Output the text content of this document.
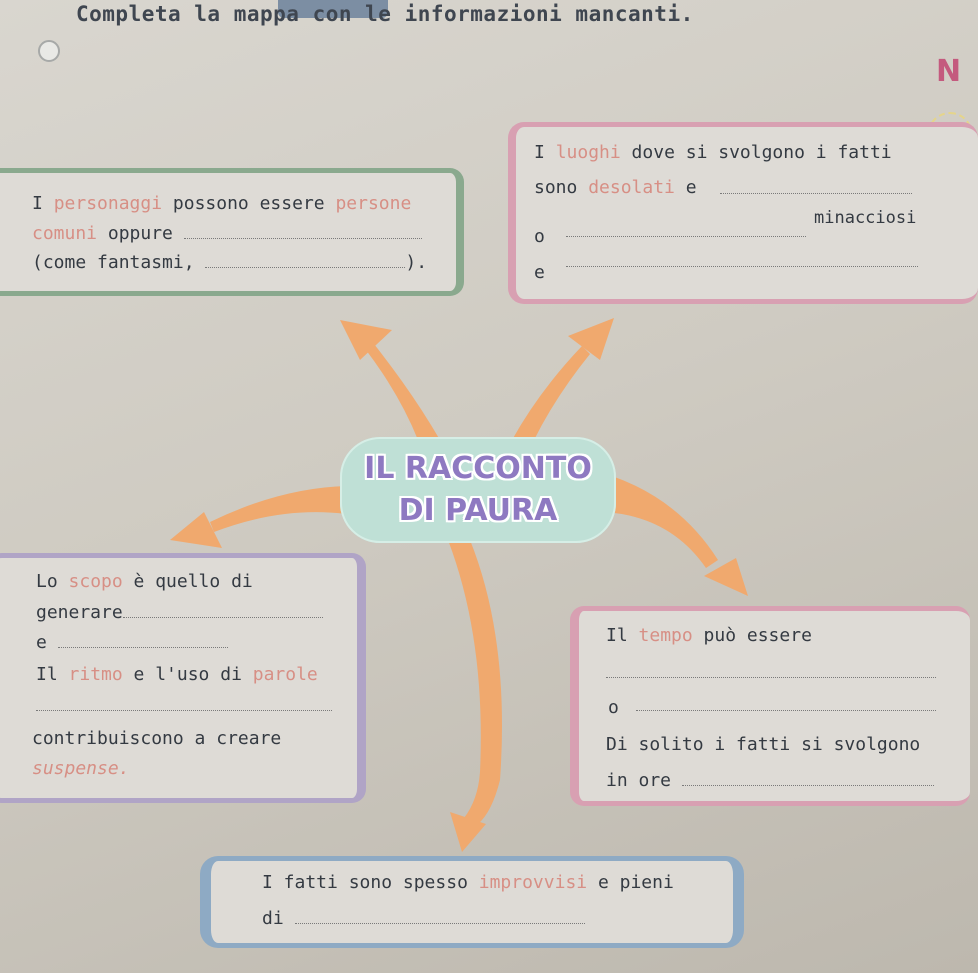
Completa la mappa con le informazioni mancanti.
N
IL RACCONTO
DI PAURA
I personaggi possono essere persone
comuni oppure
(come fantasmi,	).
I luoghi dove si svolgono i fatti
sono desolati e
minacciosi
o
e
Lo scopo è quello di
generare
e
Il ritmo e l'uso di parole
contribuiscono a creare
suspense.
Il tempo può essere
o
Di solito i fatti si svolgono
in ore
I fatti sono spesso improvvisi e pieni
di
